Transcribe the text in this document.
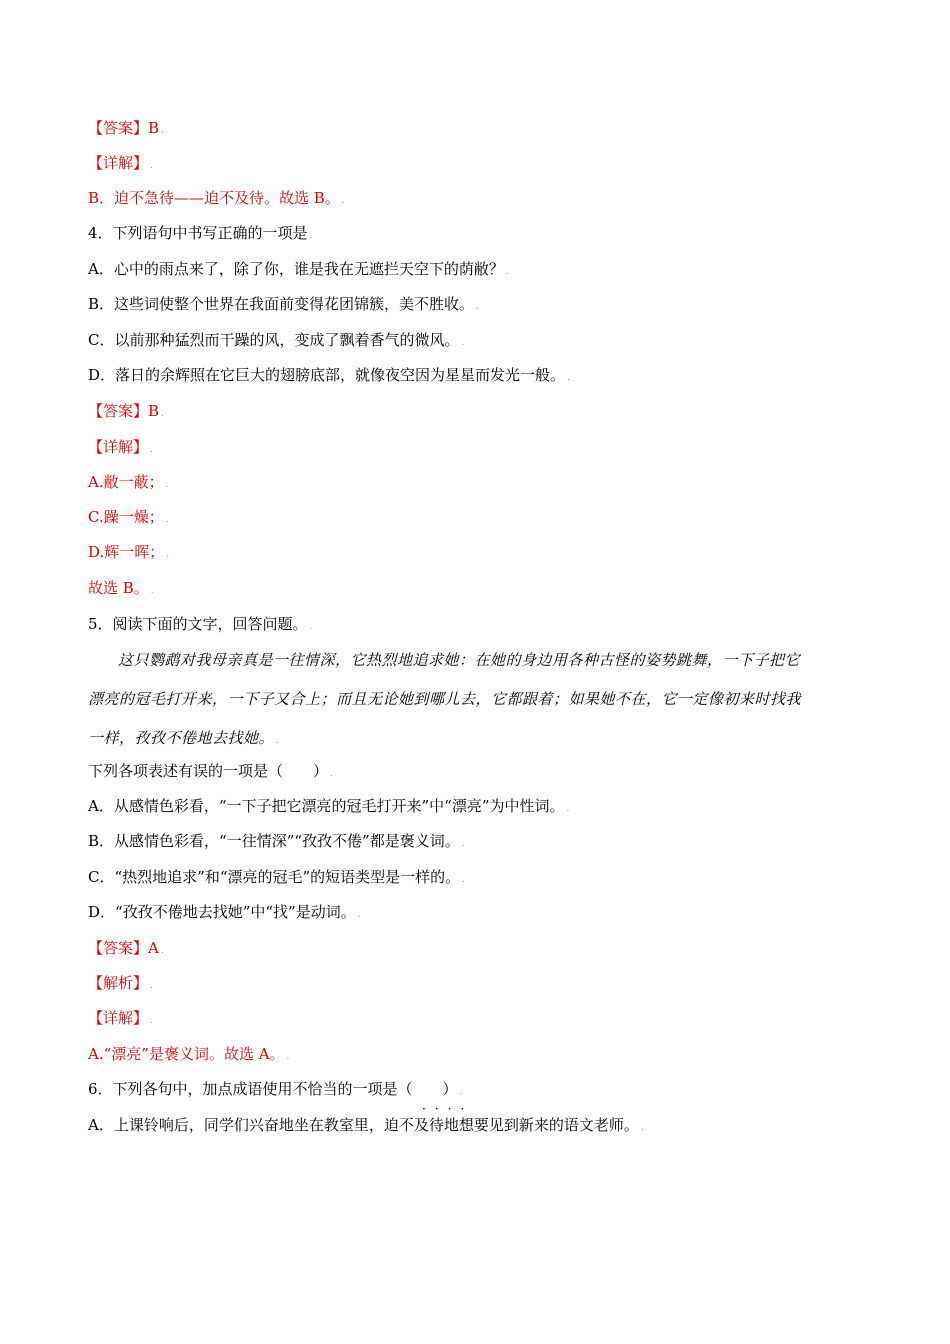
【答案】B .
【详解】 .
B．迫不急待——迫不及待。故选 B。 .
4．下列语句中书写正确的一项是 .
A．心中的雨点来了，除了你，谁是我在无遮拦天空下的荫敝？ .
B．这些词使整个世界在我面前变得花团锦簇，美不胜收。 .
C．以前那种猛烈而干躁的风，变成了飘着香气的微风。 .
D．落日的余辉照在它巨大的翅膀底部，就像夜空因为星星而发光一般。 .
【答案】B .
【详解】 .
A.敝一蔽； .
C.躁一燥； .
D.辉一晖； .
故选 B。 .
5．阅读下面的文字，回答问题。 .
这只鹦鹉对我母亲真是一往情深，它热烈地追求她：在她的身边用各种古怪的姿势跳舞，一下子把它
漂亮的冠毛打开来，一下子又合上；而且无论她到哪儿去，它都跟着；如果她不在，它一定像初来时找我
一样，孜孜不倦地去找她。 .
下列各项表述有误的一项是（　　） .
A．从感情色彩看，“一下子把它漂亮的冠毛打开来”中“漂亮”为中性词。 .
B．从感情色彩看，“一往情深”“孜孜不倦”都是褒义词。 .
C．“热烈地追求”和“漂亮的冠毛”的短语类型是一样的。 .
D．“孜孜不倦地去找她”中“找”是动词。 .
【答案】A .
【解析】 .
【详解】 .
A.“漂亮”是褒义词。故选 A。 .
6．下列各句中，加点成语使用不恰当的一项是（　　） .
····
A．上课铃响后，同学们兴奋地坐在教室里，迫不及待地想要见到新来的语文老师。 .
